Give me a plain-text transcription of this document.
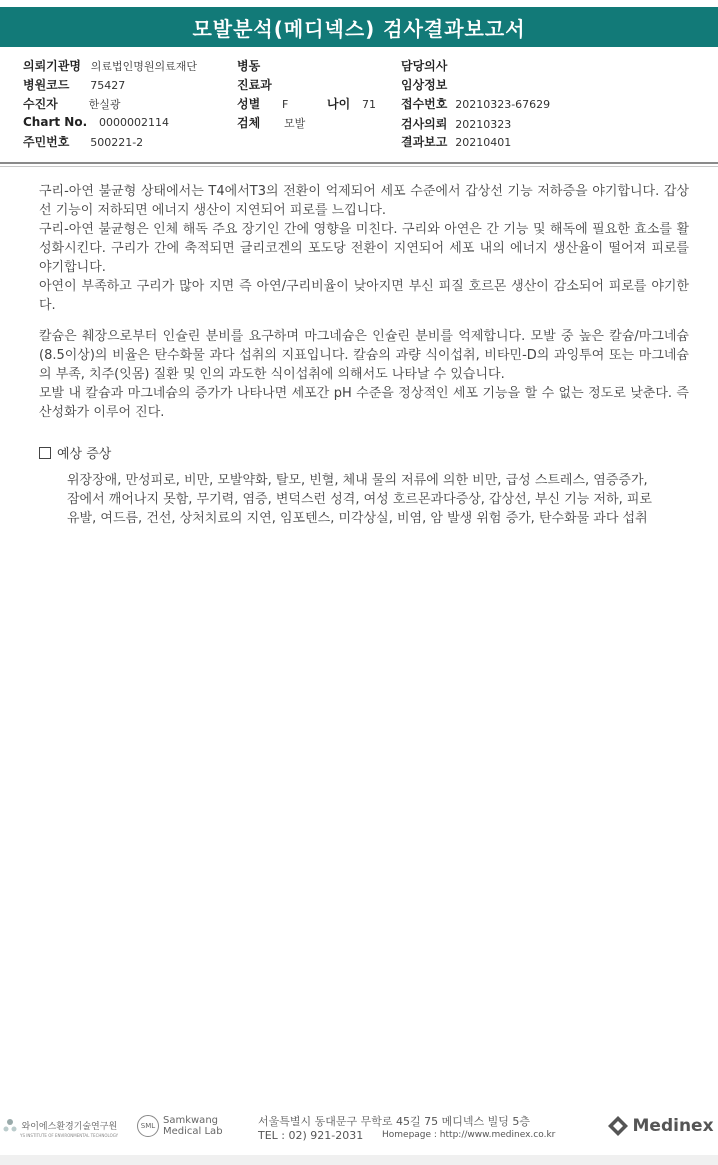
모발분석(메디넥스) 검사결과보고서
의뢰기관명 의료법인명원의료재단
병원코드 75427
수진자	한실광
Chart No. 0000002114
주민번호 500221-2
병동
진료과
성별 F	나이 71
검체 모발
담당의사
임상정보
접수번호 20210323-67629
검사의뢰 20210323
결과보고 20210401

구리-아연 불균형 상태에서는 T4에서T3의 전환이 억제되어 세포 수준에서 갑상선 기능 저하증을 야기합니다. 갑상선 기능이 저하되면 에너지 생산이 지연되어 피로를 느낍니다.

구리-아연 불균형은 인체 해독 주요 장기인 간에 영향을 미친다. 구리와 아연은 간 기능 및 해독에 필요한 효소를 활성화시킨다. 구리가 간에 축적되면 글리코겐의 포도당 전환이 지연되어 세포 내의 에너지 생산율이 떨어져 피로를 야기합니다.

아연이 부족하고 구리가 많아 지면 즉 아연/구리비율이 낮아지면 부신 피질 호르몬 생산이 감소되어 피로를 야기한다.

칼슘은 췌장으로부터 인슐린 분비를 요구하며 마그네슘은 인슐린 분비를 억제합니다. 모발 중 높은 칼슘/마그네슘(8.5이상)의 비율은 탄수화물 과다 섭취의 지표입니다. 칼슘의 과량 식이섭취, 비타민-D의 과잉투여 또는 마그네슘의 부족, 치주(잇몸) 질환 및 인의 과도한 식이섭취에 의해서도 나타날 수 있습니다.

모발 내 칼슘과 마그네슘의 증가가 나타나면 세포간 pH 수준을 정상적인 세포 기능을 할 수 없는 정도로 낮춘다. 즉 산성화가 이루어 진다.

예상 증상
위장장애, 만성피로, 비만, 모발약화, 탈모, 빈혈, 체내 물의 저류에 의한 비만, 급성 스트레스, 염증증가, 잠에서 깨어나지 못함, 무기력, 염증, 변덕스런 성격, 여성 호르몬과다증상, 갑상선, 부신 기능 저하, 피로 유발, 여드름, 건선, 상처치료의 지연, 임포텐스, 미각상실, 비염, 암 발생 위험 증가, 탄수화물 과다 섭취
와이에스환경기술연구원
YS INSTITUTE OF ENVIRONMENTAL TECHNOLOGY
SML Samkwang
Medical Lab
서울특별시 동대문구 무학로 45길 75 메디넥스 빌딩 5층
TEL : 02) 921-2031 Homepage : http://www.medinex.co.kr	Medinex
